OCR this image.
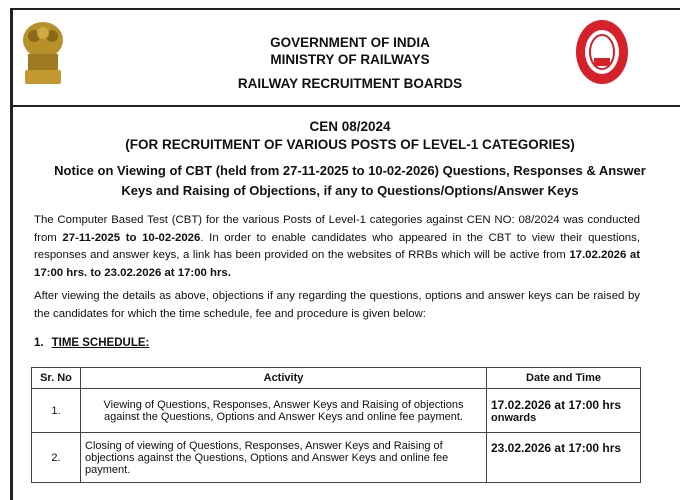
GOVERNMENT OF INDIA
MINISTRY OF RAILWAYS
RAILWAY RECRUITMENT BOARDS
CEN 08/2024
(FOR RECRUITMENT OF VARIOUS POSTS OF LEVEL-1 CATEGORIES)
Notice on Viewing of CBT (held from 27-11-2025 to 10-02-2026) Questions, Responses & Answer
Keys and Raising of Objections, if any to Questions/Options/Answer Keys
The Computer Based Test (CBT) for the various Posts of Level-1 categories against CEN NO: 08/2024 was conducted from 27-11-2025 to 10-02-2026. In order to enable candidates who appeared in the CBT to view their questions, responses and answer keys, a link has been provided on the websites of RRBs which will be active from 17.02.2026 at 17:00 hrs. to 23.02.2026 at 17:00 hrs.
After viewing the details as above, objections if any regarding the questions, options and answer keys can be raised by the candidates for which the time schedule, fee and procedure is given below:
1. TIME SCHEDULE:
Sr. No	Activity	Date and Time
1.	Viewing of Questions, Responses, Answer Keys and Raising of objections against the Questions, Options and Answer Keys and online fee payment.	17.02.2026 at 17:00 hrs
onwards

2.	Closing of viewing of Questions, Responses, Answer Keys and Raising of objections against the Questions, Options and Answer Keys and online fee payment.	23.02.2026 at 17:00 hrs
